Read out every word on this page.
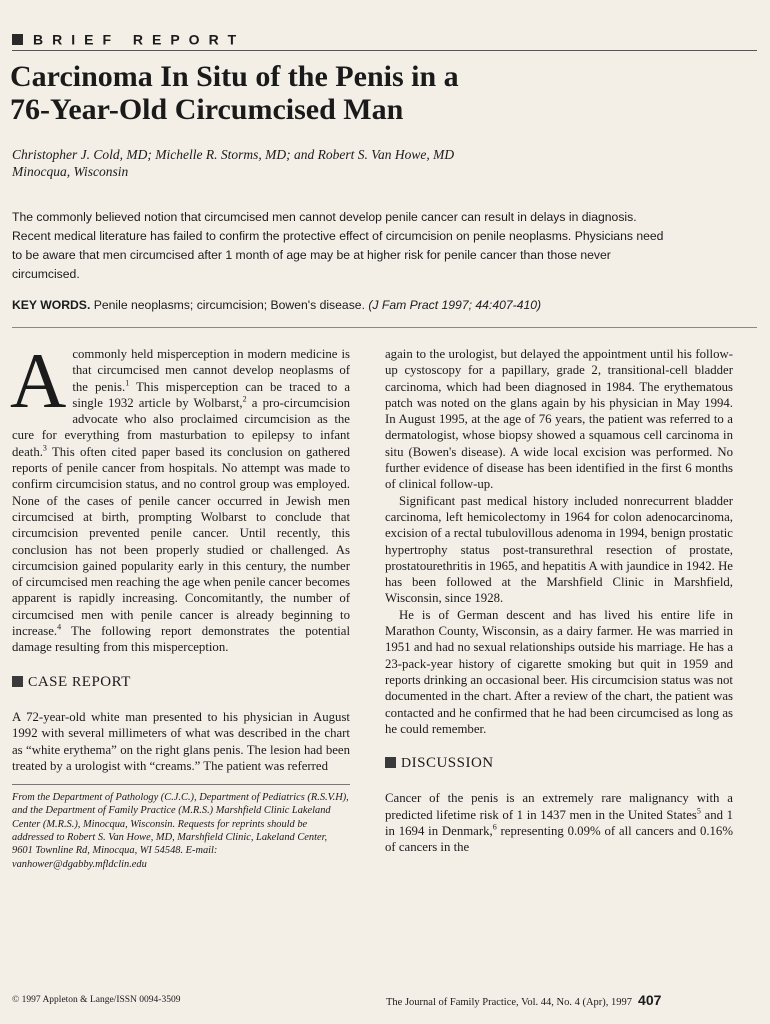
BRIEF REPORT
Carcinoma In Situ of the Penis in a
76-Year-Old Circumcised Man
Christopher J. Cold, MD; Michelle R. Storms, MD; and Robert S. Van Howe, MD
Minocqua, Wisconsin

The commonly believed notion that circumcised men cannot develop penile cancer can result in delays in diagnosis. Recent medical literature has failed to confirm the protective effect of circumcision on penile neoplasms. Physicians need to be aware that men circumcised after 1 month of age may be at higher risk for penile cancer than those never circumcised.

KEY WORDS. Penile neoplasms; circumcision; Bowen's disease. (J Fam Pract 1997; 44:407-410)

A commonly held misperception in modern medicine is that circumcised men cannot develop neoplasms of the penis.$^1$ This misperception can be traced to a single 1932 article by Wolbarst,$^2$ a pro-circumcision advocate who also proclaimed circumcision as the cure for everything from masturbation to epilepsy to infant death.$^3$ This often cited paper based its conclusion on gathered reports of penile cancer from hospitals. No attempt was made to confirm circumcision status, and no control group was employed. None of the cases of penile cancer occurred in Jewish men circumcised at birth, prompting Wolbarst to conclude that circumcision prevented penile cancer. Until recently, this conclusion has not been properly studied or challenged. As circumcision gained popularity early in this century, the number of circumcised men reaching the age when penile cancer becomes apparent is rapidly increasing. Concomitantly, the number of circumcised men with penile cancer is already beginning to increase.$^4$ The following report demonstrates the potential damage resulting from this misperception.

CASE REPORT

A 72-year-old white man presented to his physician in August 1992 with several millimeters of what was described in the chart as “white erythema” on the right glans penis. The lesion had been treated by a urologist with “creams.” The patient was referred

From the Department of Pathology (C.J.C.), Department of Pediatrics (R.S.V.H), and the Department of Family Practice (M.R.S.) Marshfield Clinic Lakeland Center (M.R.S.), Minocqua, Wisconsin. Requests for reprints should be addressed to Robert S. Van Howe, MD, Marshfield Clinic, Lakeland Center, 9601 Townline Rd, Minocqua, WI 54548. E-mail: vanhower@dgabby.mfldclin.edu

again to the urologist, but delayed the appointment until his follow-up cystoscopy for a papillary, grade 2, transitional-cell bladder carcinoma, which had been diagnosed in 1984. The erythematous patch was noted on the glans again by his physician in May 1994. In August 1995, at the age of 76 years, the patient was referred to a dermatologist, whose biopsy showed a squamous cell carcinoma in situ (Bowen's disease). A wide local excision was performed. No further evidence of disease has been identified in the first 6 months of clinical follow-up.

Significant past medical history included nonrecurrent bladder carcinoma, left hemicolectomy in 1964 for colon adenocarcinoma, excision of a rectal tubulovillous adenoma in 1994, benign prostatic hypertrophy status post-transurethral resection of prostate, prostatourethritis in 1965, and hepatitis A with jaundice in 1942. He has been followed at the Marshfield Clinic in Marshfield, Wisconsin, since 1928.

He is of German descent and has lived his entire life in Marathon County, Wisconsin, as a dairy farmer. He was married in 1951 and had no sexual relationships outside his marriage. He has a 23-pack-year history of cigarette smoking but quit in 1959 and reports drinking an occasional beer. His circumcision status was not documented in the chart. After a review of the chart, the patient was contacted and he confirmed that he had been circumcised as long as he could remember.

DISCUSSION

Cancer of the penis is an extremely rare malignancy with a predicted lifetime risk of 1 in 1437 men in the United States$^5$ and 1 in 1694 in Denmark,$^6$ representing 0.09% of all cancers and 0.16% of cancers in the

© 1997 Appleton & Lange/ISSN 0094-3509	The Journal of Family Practice, Vol. 44, No. 4 (Apr), 1997 407
